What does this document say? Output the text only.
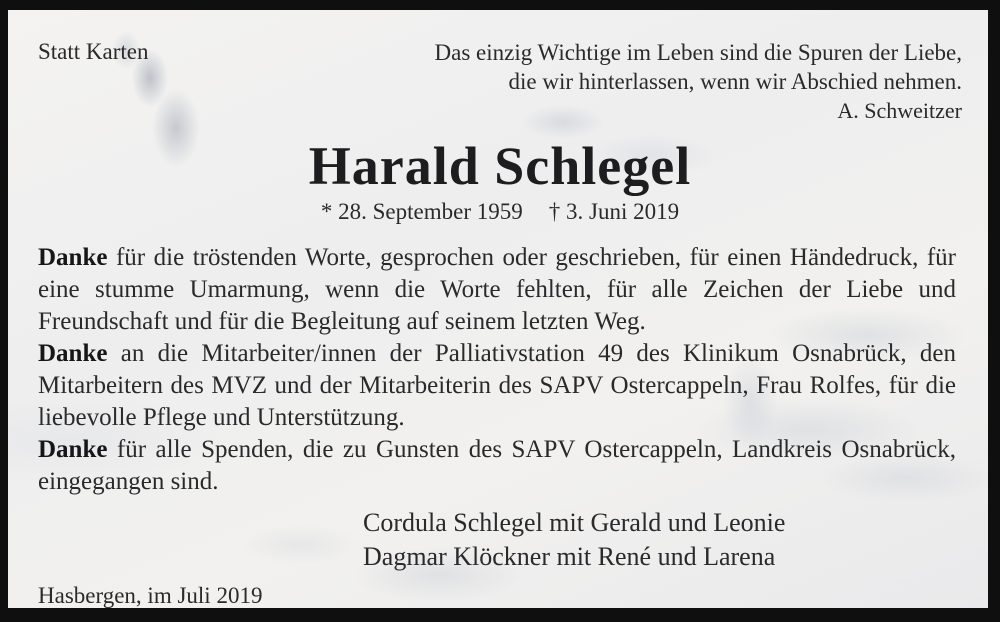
Statt Karten	Das einzig Wichtige im Leben sind die Spuren der Liebe,
die wir hinterlassen, wenn wir Abschied nehmen.
A. Schweitzer
Harald Schlegel
* 28. September 1959 † 3. Juni 2019

Danke für die tröstenden Worte, gesprochen oder geschrieben, für einen Händedruck, für eine stumme Umarmung, wenn die Worte fehlten, für alle Zeichen der Liebe und Freundschaft und für die Begleitung auf seinem letzten Weg.

Danke an die Mitarbeiter/innen der Palliativstation 49 des Klinikum Osnabrück, den Mitarbeitern des MVZ und der Mitarbeiterin des SAPV Ostercappeln, Frau Rolfes, für die liebevolle Pflege und Unterstützung.

Danke für alle Spenden, die zu Gunsten des SAPV Ostercappeln, Landkreis Osnabrück, eingegangen sind.

Cordula Schlegel mit Gerald und Leonie
Dagmar Klöckner mit René und Larena
Hasbergen, im Juli 2019
